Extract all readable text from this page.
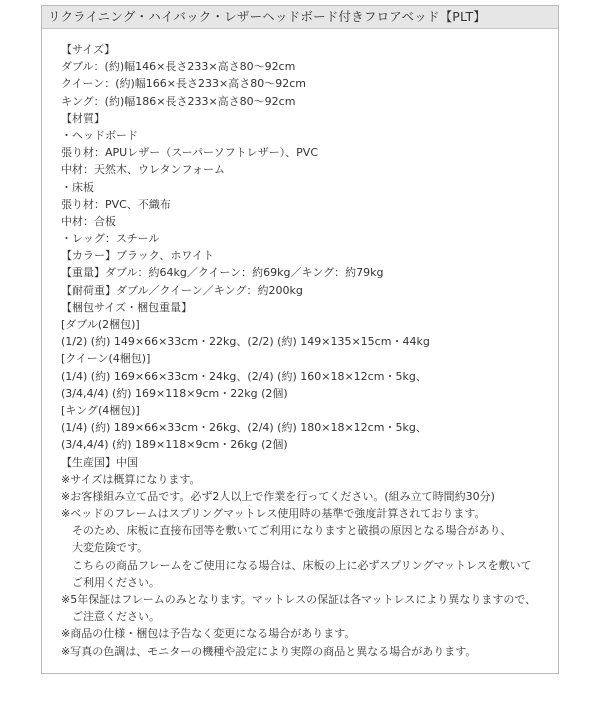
リクライニング・ハイバック・レザーヘッドボード付きフロアベッド【PLT】
【サイズ】
ダブル：(約)幅146×長さ233×高さ80～92cm
クイーン：(約)幅166×長さ233×高さ80～92cm
キング：(約)幅186×長さ233×高さ80～92cm
【材質】
・ヘッドボード
張り材：APUレザー（スーパーソフトレザー）、PVC
中材：天然木、ウレタンフォーム
・床板
張り材：PVC、不織布
中材：合板
・レッグ：スチール
【カラー】ブラック、ホワイト
【重量】ダブル：約64kg／クイーン：約69kg／キング：約79kg
【耐荷重】ダブル／クイーン／キング：約200kg
【梱包サイズ・梱包重量】
[ダブル(2梱包)]
(1/2) (約) 149×66×33cm・22kg、(2/2) (約) 149×135×15cm・44kg
[クイーン(4梱包)]
(1/4) (約) 169×66×33cm・24kg、(2/4) (約) 160×18×12cm・5kg、
(3/4,4/4) (約) 169×118×9cm・22kg (2個)
[キング(4梱包)]
(1/4) (約) 189×66×33cm・26kg、(2/4) (約) 180×18×12cm・5kg、
(3/4,4/4) (約) 189×118×9cm・26kg (2個)
【生産国】中国
※サイズは概算になります。
※お客様組み立て品です。必ず2人以上で作業を行ってください。(組み立て時間約30分)
※ベッドのフレームはスプリングマットレス使用時の基準で強度計算されております。
　そのため、床板に直接布団等を敷いてご利用になりますと破損の原因となる場合があり、
　大変危険です。
　こちらの商品フレームをご使用になる場合は、床板の上に必ずスプリングマットレスを敷いて
　ご利用ください。
※5年保証はフレームのみとなります。マットレスの保証は各マットレスにより異なりますので、
　ご注意ください。
※商品の仕様・梱包は予告なく変更になる場合があります。
※写真の色調は、モニターの機種や設定により実際の商品と異なる場合があります。
